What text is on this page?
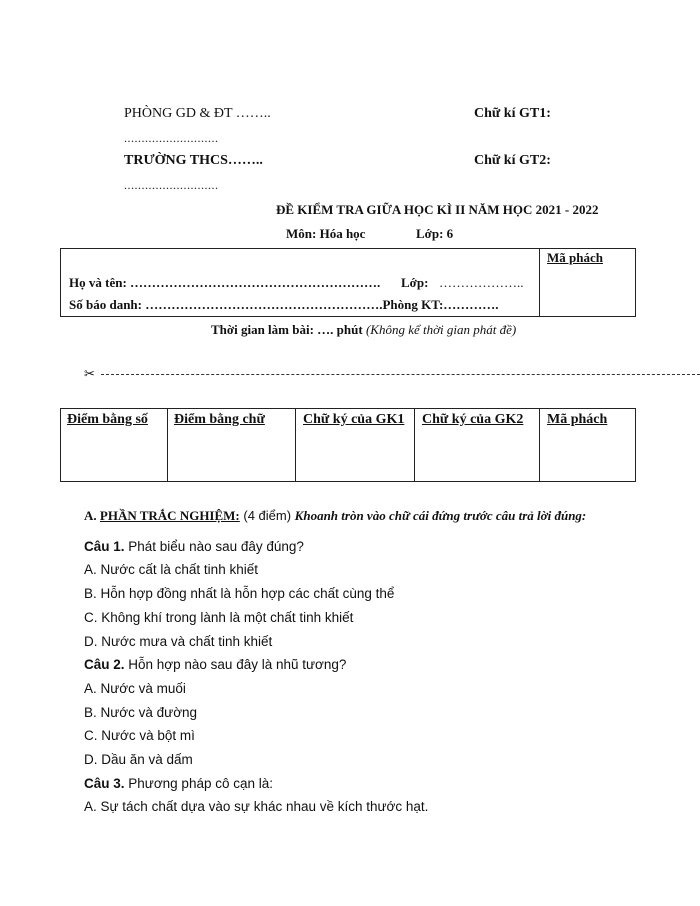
PHÒNG GD & ĐT ……..
...........................
TRƯỜNG THCS……..
...........................
Chữ kí GT1:
Chữ kí GT2:
ĐỀ KIỂM TRA GIỮA HỌC KÌ II NĂM HỌC 2021 - 2022
Môn: Hóa học	Lớp: 6
Họ và tên: …………………………………………………. Lớp: ………………..
Số báo danh: ……………………………………………….Phòng KT:………….
Mã phách
Thời gian làm bài: …. phút (Không kể thời gian phát đề)
✂
Điểm bằng số Điểm bằng chữ	Chữ ký của GK1 Chữ ký của GK2 Mã phách
A. PHẦN TRẮC NGHIỆM: (4 điểm) Khoanh tròn vào chữ cái đứng trước câu trả lời đúng:
Câu 1. Phát biểu nào sau đây đúng?
A. Nước cất là chất tinh khiết
B. Hỗn hợp đồng nhất là hỗn hợp các chất cùng thể
C. Không khí trong lành là một chất tinh khiết
D. Nước mưa và chất tinh khiết
Câu 2. Hỗn hợp nào sau đây là nhũ tương?
A. Nước và muối
B. Nước và đường
C. Nước và bột mì
D. Dầu ăn và dấm
Câu 3. Phương pháp cô cạn là:
A. Sự tách chất dựa vào sự khác nhau về kích thước hạt.
